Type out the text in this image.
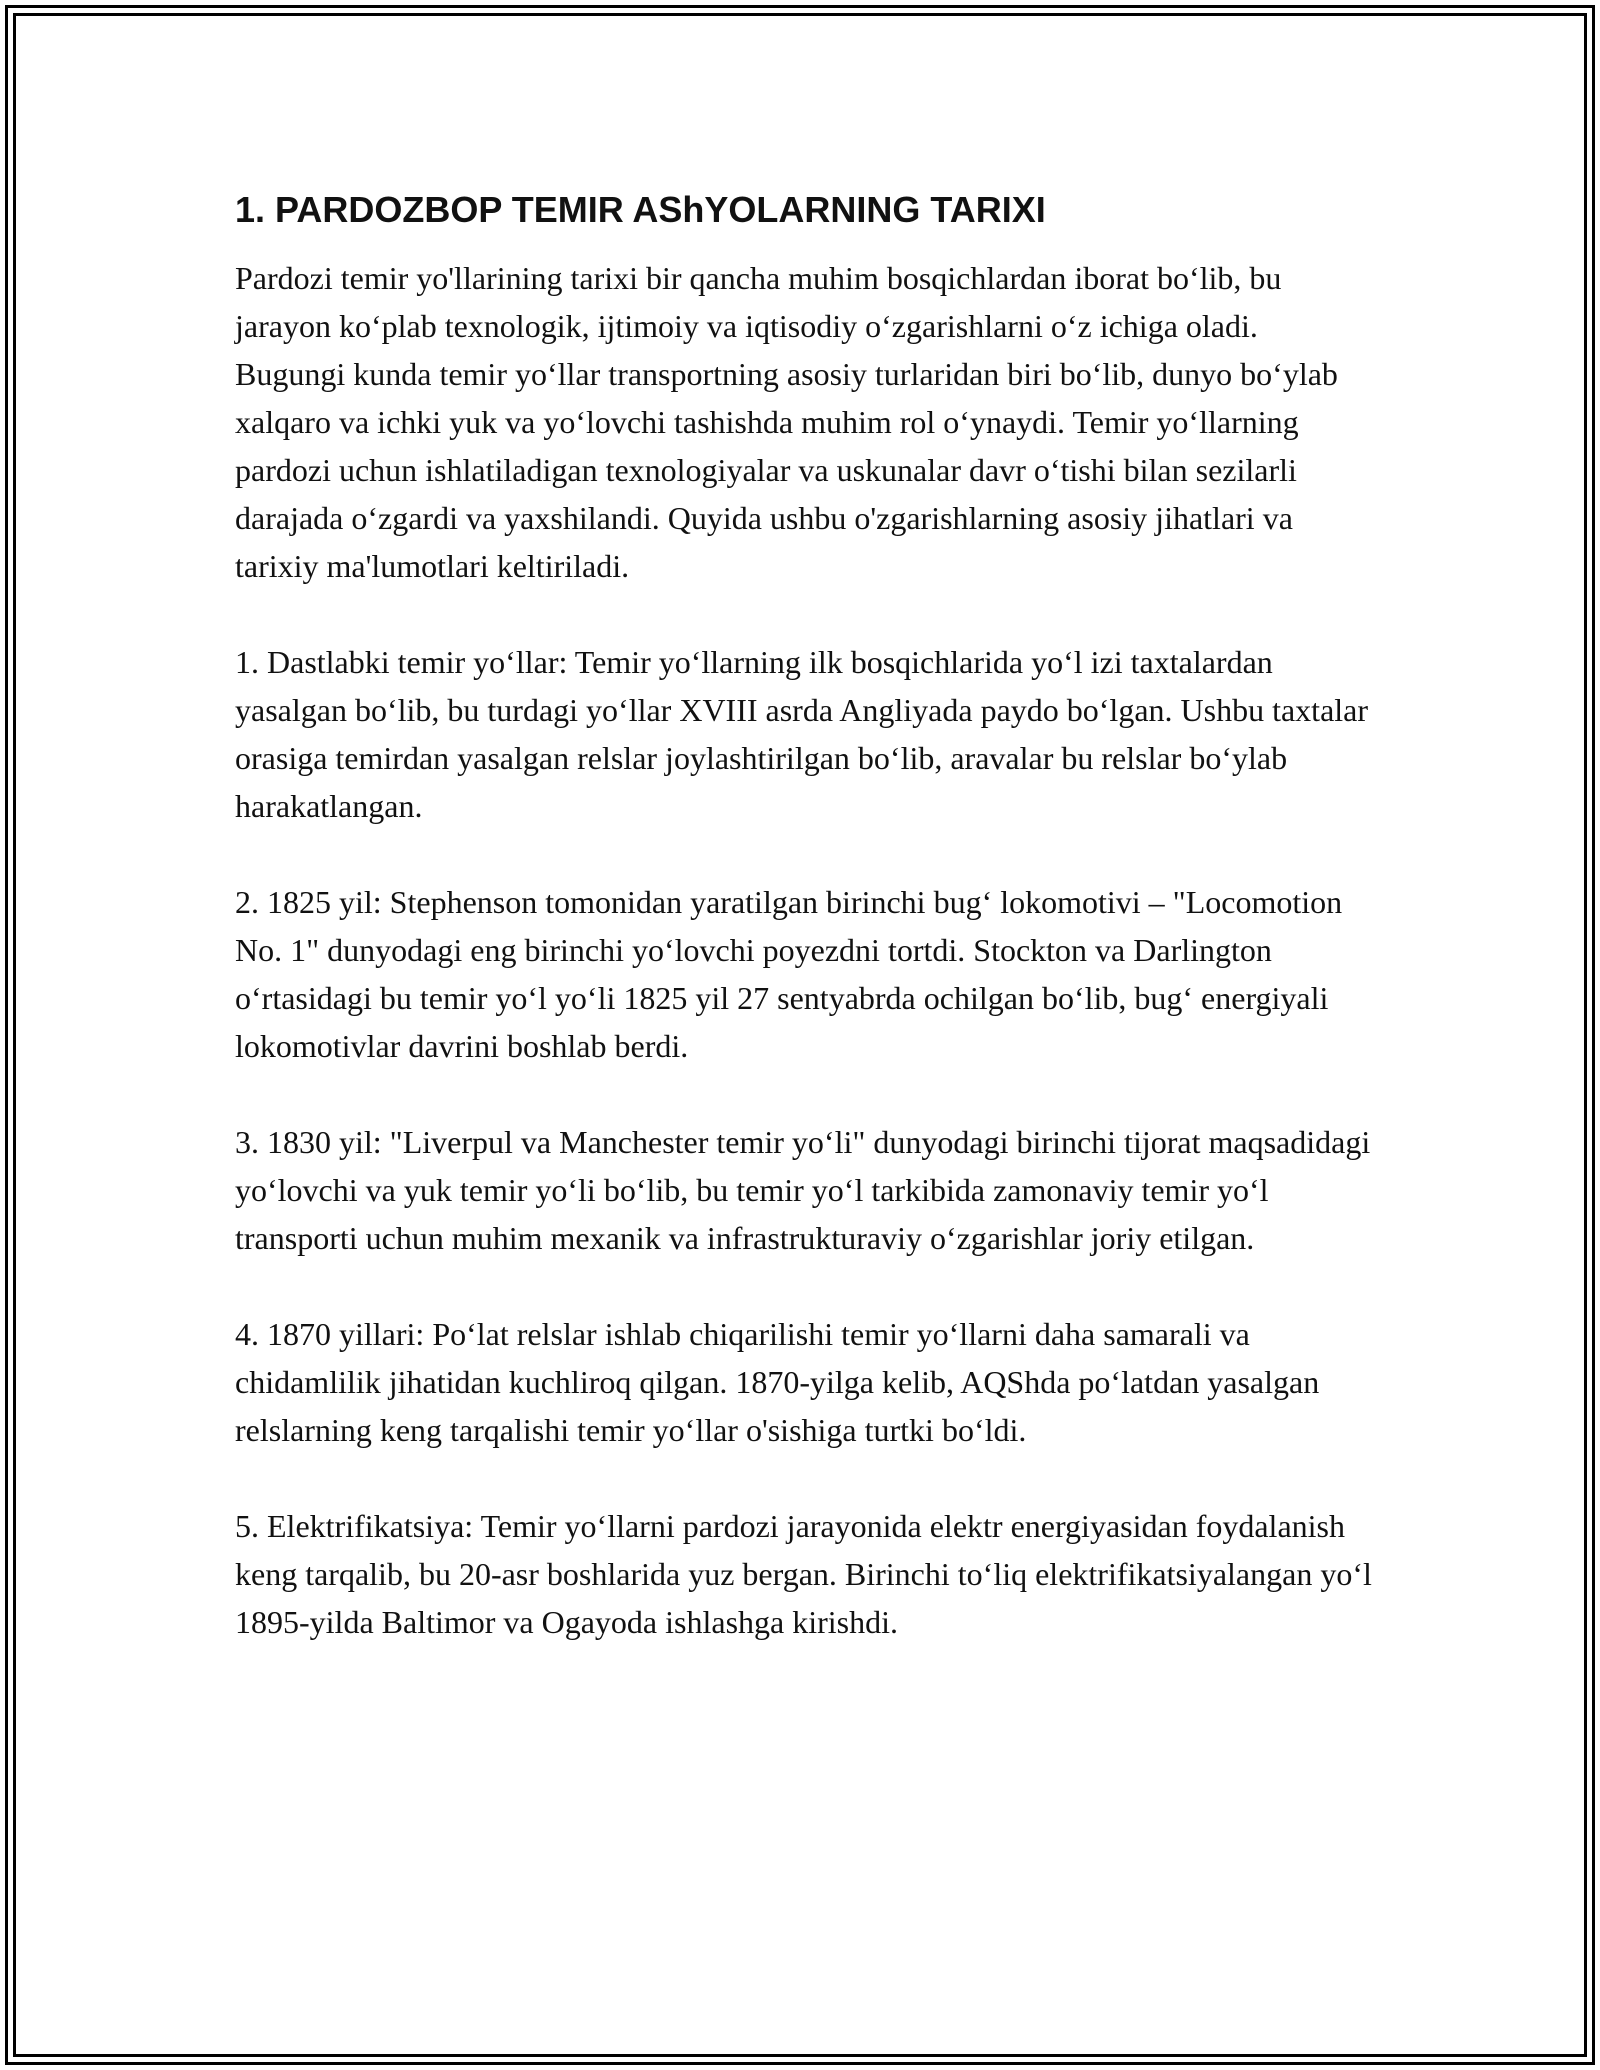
1. PARDOZBOP TEMIR AShYOLARNING TARIXI

Pardozi temir yo'llarining tarixi bir qancha muhim bosqichlardan iborat bo‘lib, bu jarayon ko‘plab texnologik, ijtimoiy va iqtisodiy o‘zgarishlarni o‘z ichiga oladi. Bugungi kunda temir yo‘llar transportning asosiy turlaridan biri bo‘lib, dunyo bo‘ylab xalqaro va ichki yuk va yo‘lovchi tashishda muhim rol o‘ynaydi. Temir yo‘llarning pardozi uchun ishlatiladigan texnologiyalar va uskunalar davr o‘tishi bilan sezilarli darajada o‘zgardi va yaxshilandi. Quyida ushbu o'zgarishlarning asosiy jihatlari va tarixiy ma'lumotlari keltiriladi.

1. Dastlabki temir yo‘llar: Temir yo‘llarning ilk bosqichlarida yo‘l izi taxtalardan yasalgan bo‘lib, bu turdagi yo‘llar XVIII asrda Angliyada paydo bo‘lgan. Ushbu taxtalar orasiga temirdan yasalgan relslar joylashtirilgan bo‘lib, aravalar bu relslar bo‘ylab harakatlangan.

2. 1825 yil: Stephenson tomonidan yaratilgan birinchi bug‘ lokomotivi – "Locomotion No. 1" dunyodagi eng birinchi yo‘lovchi poyezdni tortdi. Stockton va Darlington o‘rtasidagi bu temir yo‘l yo‘li 1825 yil 27 sentyabrda ochilgan bo‘lib, bug‘ energiyali lokomotivlar davrini boshlab berdi.

3. 1830 yil: "Liverpul va Manchester temir yo‘li" dunyodagi birinchi tijorat maqsadidagi yo‘lovchi va yuk temir yo‘li bo‘lib, bu temir yo‘l tarkibida zamonaviy temir yo‘l transporti uchun muhim mexanik va infrastrukturaviy o‘zgarishlar joriy etilgan.

4. 1870 yillari: Po‘lat relslar ishlab chiqarilishi temir yo‘llarni daha samarali va chidamlilik jihatidan kuchliroq qilgan. 1870-yilga kelib, AQShda po‘latdan yasalgan relslarning keng tarqalishi temir yo‘llar o'sishiga turtki bo‘ldi.

5. Elektrifikatsiya: Temir yo‘llarni pardozi jarayonida elektr energiyasidan foydalanish keng tarqalib, bu 20-asr boshlarida yuz bergan. Birinchi to‘liq elektrifikatsiyalangan yo‘l 1895-yilda Baltimor va Ogayoda ishlashga kirishdi.
